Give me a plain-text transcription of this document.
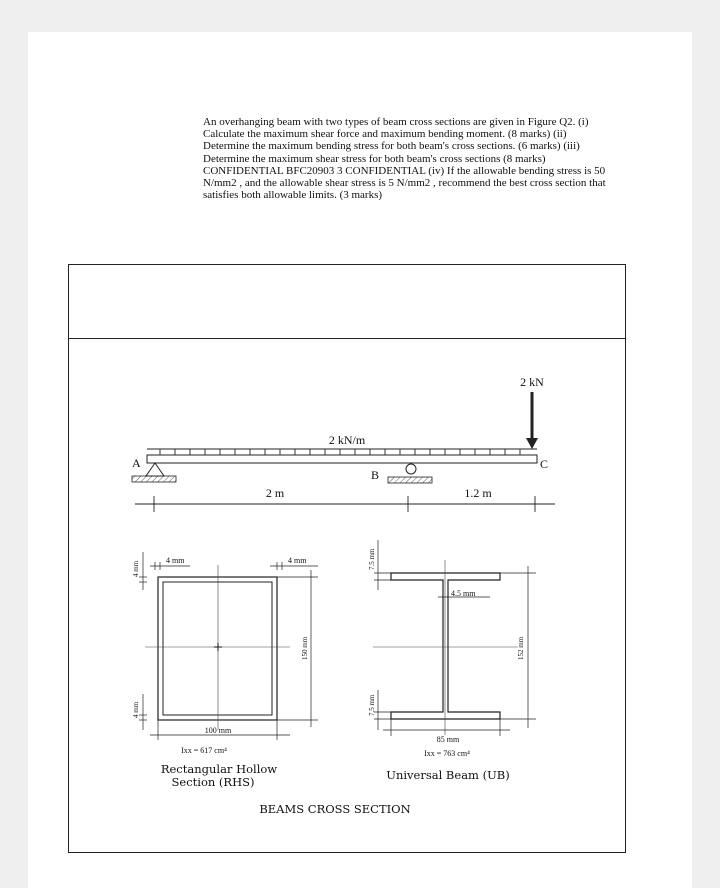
An overhanging beam with two types of beam cross sections are given in Figure Q2. (i) Calculate the maximum shear force and maximum bending moment. (8 marks) (ii) Determine the maximum bending stress for both beam's cross sections. (6 marks) (iii) Determine the maximum shear stress for both beam's cross sections (8 marks) CONFIDENTIAL BFC20903 3 CONFIDENTIAL (iv) If the allowable bending stress is 50 N/mm2 , and the allowable shear stress is 5 N/mm2 , recommend the best cross section that satisfies both allowable limits. (3 marks)
2 kN/m
2 kN
A
B
C
2 m	1.2 m
4 mm	4 mm
4 mm
4 mm
150 mm
100 mm
Ixx = 617 cm⁴
Rectangular Hollow
Section (RHS)
7.5 mm
7.5 mm
4.5 mm
152 mm
85 mm
Ixx = 763 cm⁴
Universal Beam (UB)
BEAMS CROSS SECTION
